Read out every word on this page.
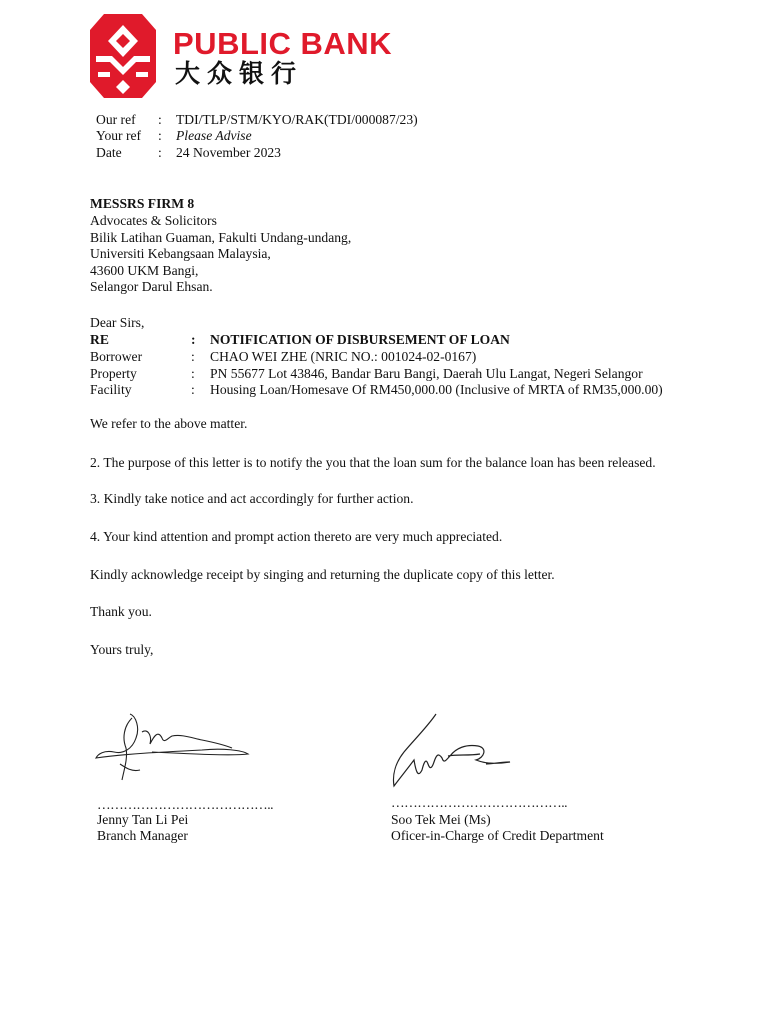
PUBLIC BANK
大众银行
Our ref : TDI/TLP/STM/KYO/RAK(TDI/000087/23)
Your ref : Please Advise
Date	: 24 November 2023
MESSRS FIRM 8
Advocates & Solicitors
Bilik Latihan Guaman, Fakulti Undang-undang,
Universiti Kebangsaan Malaysia,
43600 UKM Bangi,
Selangor Darul Ehsan.
Dear Sirs,
RE	: NOTIFICATION OF DISBURSEMENT OF LOAN
Borrower	: CHAO WEI ZHE (NRIC NO.: 001024-02-0167)
Property	: PN 55677 Lot 43846, Bandar Baru Bangi, Daerah Ulu Langat, Negeri Selangor
Facility	: Housing Loan/Homesave Of RM450,000.00 (Inclusive of MRTA of RM35,000.00)
We refer to the above matter.
2. The purpose of this letter is to notify the you that the loan sum for the balance loan has been released.
3. Kindly take notice and act accordingly for further action.
4. Your kind attention and prompt action thereto are very much appreciated.
Kindly acknowledge receipt by singing and returning the duplicate copy of this letter.
Thank you.
Yours truly,
…………………………………..
Jenny Tan Li Pei
Branch Manager
…………………………………..
Soo Tek Mei (Ms)
Oficer-in-Charge of Credit Department
